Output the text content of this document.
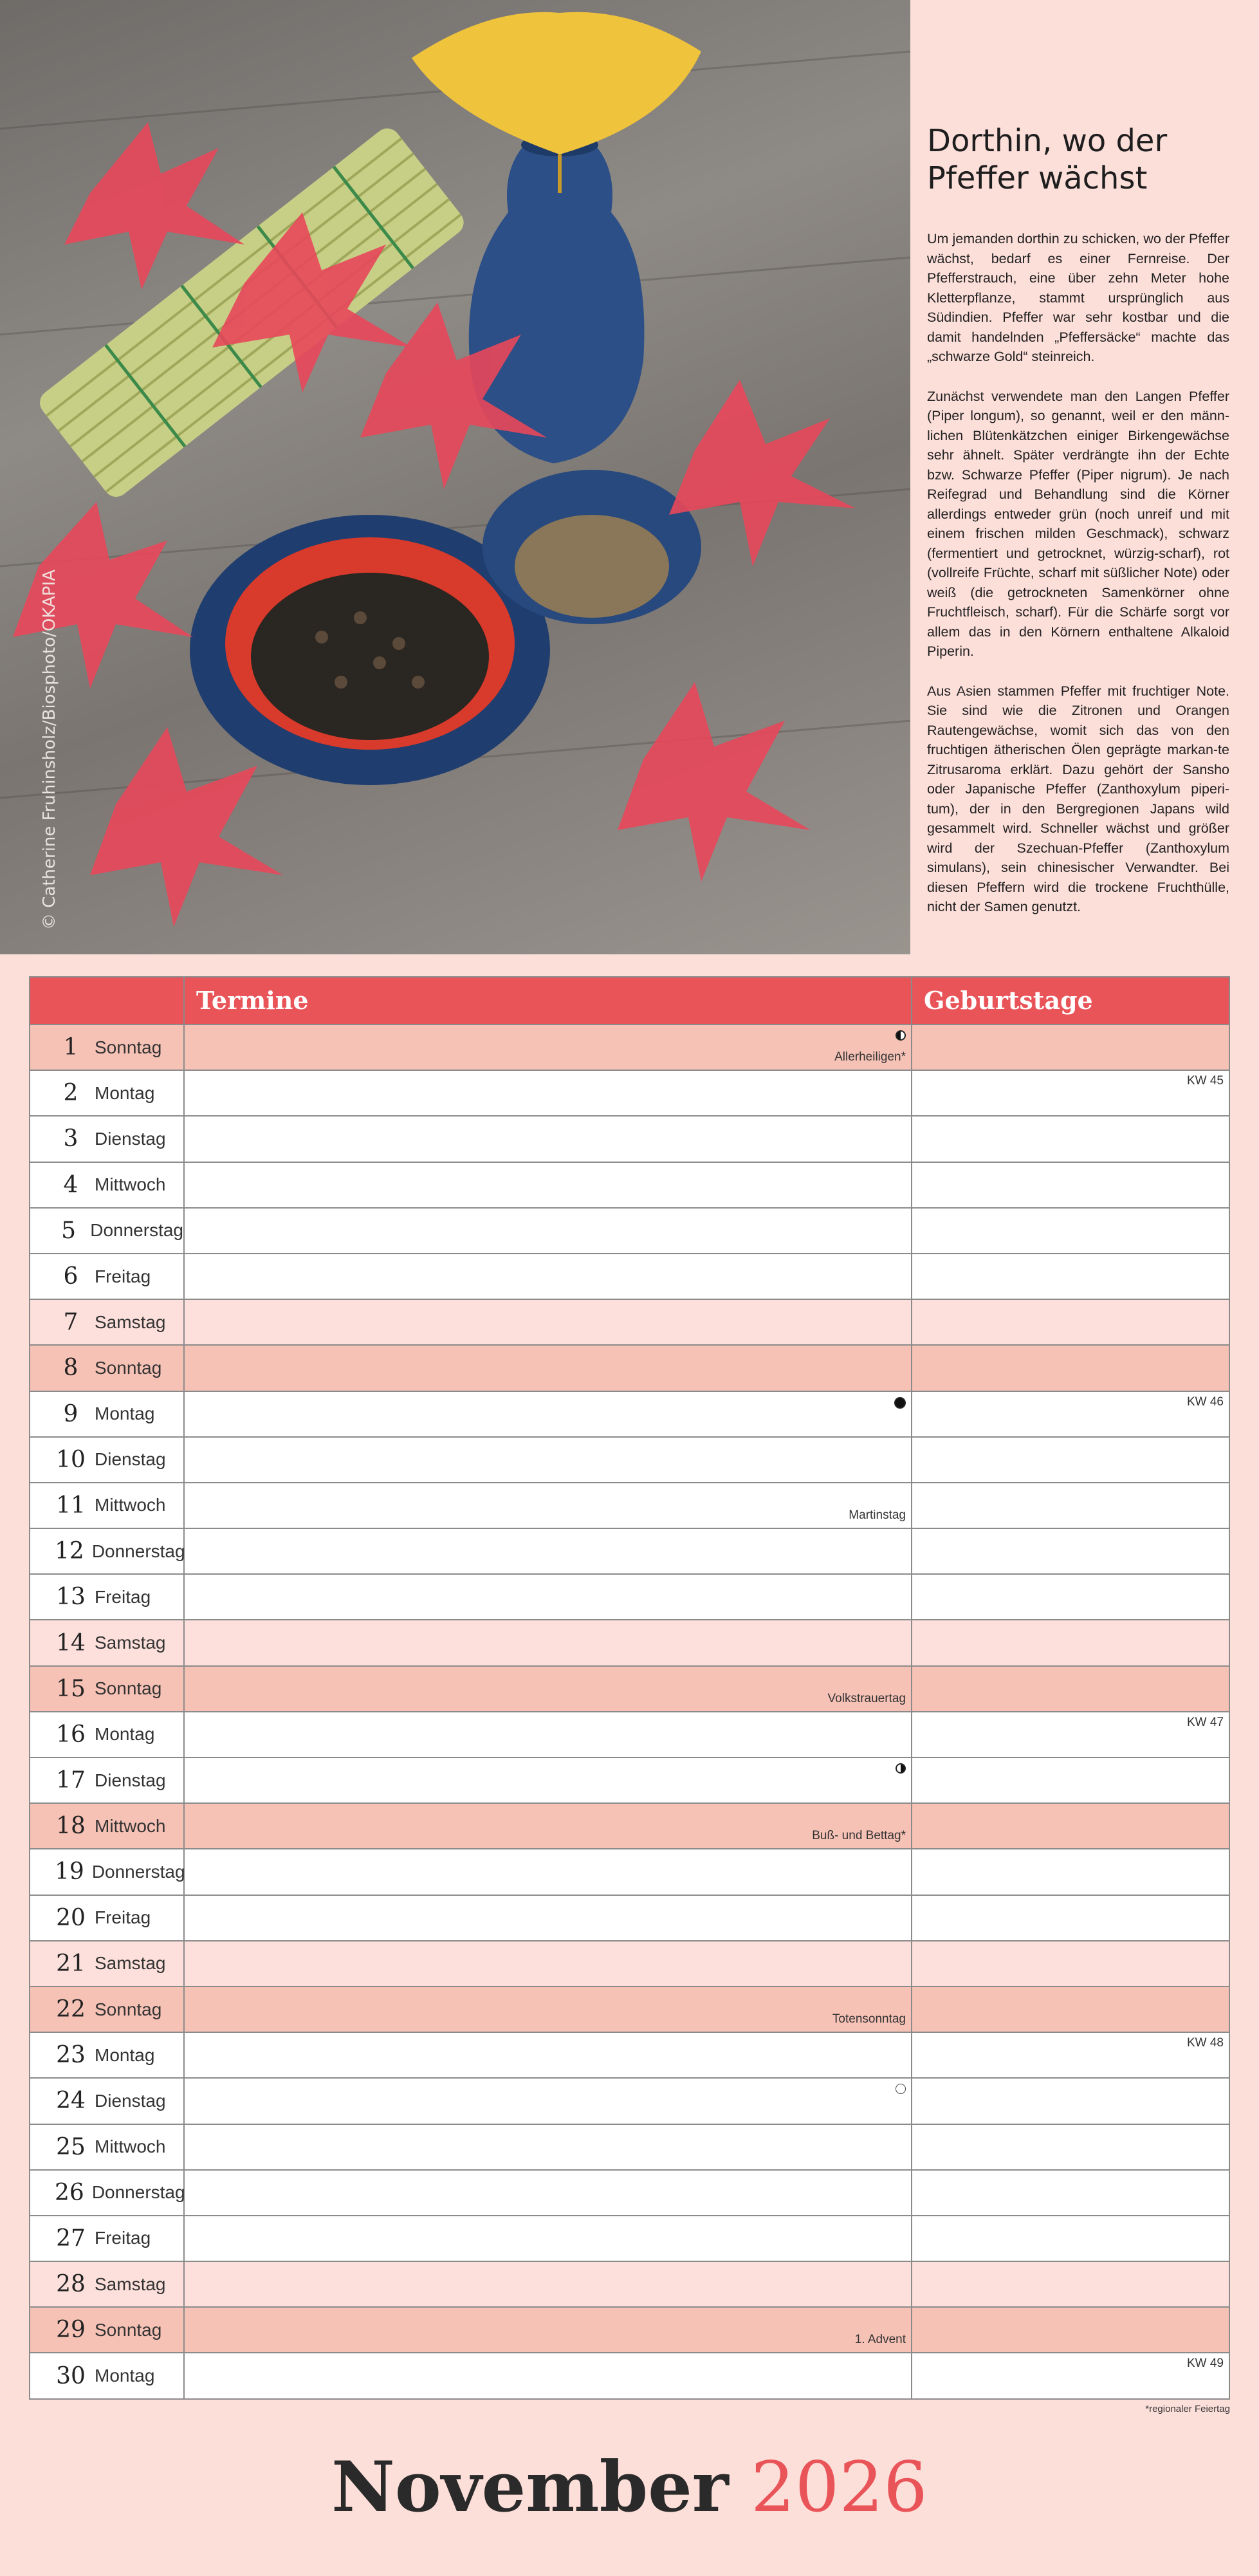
© Catherine Fruhinsholz/Biosphoto/OKAPIA
Dorthin, wo der Pfeffer wächst

Um jemanden dorthin zu schicken, wo der Pfeffer wächst, bedarf es einer Fernreise. Der Pfefferstrauch, eine über zehn Meter hohe Kletterpflanze, stammt ursprünglich aus Südindien. Pfeffer war sehr kostbar und die damit handelnden „Pfeffersäcke“ machte das „schwarze Gold“ steinreich.

Zunächst verwendete man den Langen Pfeffer (Piper longum), so genannt, weil er den männ-lichen Blütenkätzchen einiger Birkengewächse sehr ähnelt. Später verdrängte ihn der Echte bzw. Schwarze Pfeffer (Piper nigrum). Je nach Reifegrad und Behandlung sind die Körner allerdings entweder grün (noch unreif und mit einem frischen milden Geschmack), schwarz (fermentiert und getrocknet, würzig-scharf), rot (vollreife Früchte, scharf mit süßlicher Note) oder weiß (die getrockneten Samenkörner ohne Fruchtfleisch, scharf). Für die Schärfe sorgt vor allem das in den Körnern enthaltene Alkaloid Piperin.

Aus Asien stammen Pfeffer mit fruchtiger Note. Sie sind wie die Zitronen und Orangen Rautengewächse, womit sich das von den fruchtigen ätherischen Ölen geprägte markan-te Zitrusaroma erklärt. Dazu gehört der Sansho oder Japanische Pfeffer (Zanthoxylum piperi-tum), der in den Bergregionen Japans wild gesammelt wird. Schneller wächst und größer wird der Szechuan-Pfeffer (Zanthoxylum simulans), sein chinesischer Verwandter. Bei diesen Pfeffern wird die trockene Fruchthülle, nicht der Samen genutzt.

Termine	Geburtstage
1 Sonntag
Allerheiligen*
2 Montag
KW 45
3 Dienstag
4 Mittwoch
5 Donnerstag
6 Freitag
7 Samstag
8 Sonntag
9 Montag
KW 46
10 Dienstag
11 Mittwoch
Martinstag
12 Donnerstag
13 Freitag
14 Samstag
15 Sonntag
Volkstrauertag
16 Montag
KW 47
17 Dienstag
18 Mittwoch
Buß- und Bettag*
19 Donnerstag
20 Freitag
21 Samstag
22 Sonntag
Totensonntag
23 Montag
KW 48
24 Dienstag
25 Mittwoch
26 Donnerstag
27 Freitag
28 Samstag
29 Sonntag
1. Advent
30 Montag
KW 49
*regionaler Feiertag
November 2026
